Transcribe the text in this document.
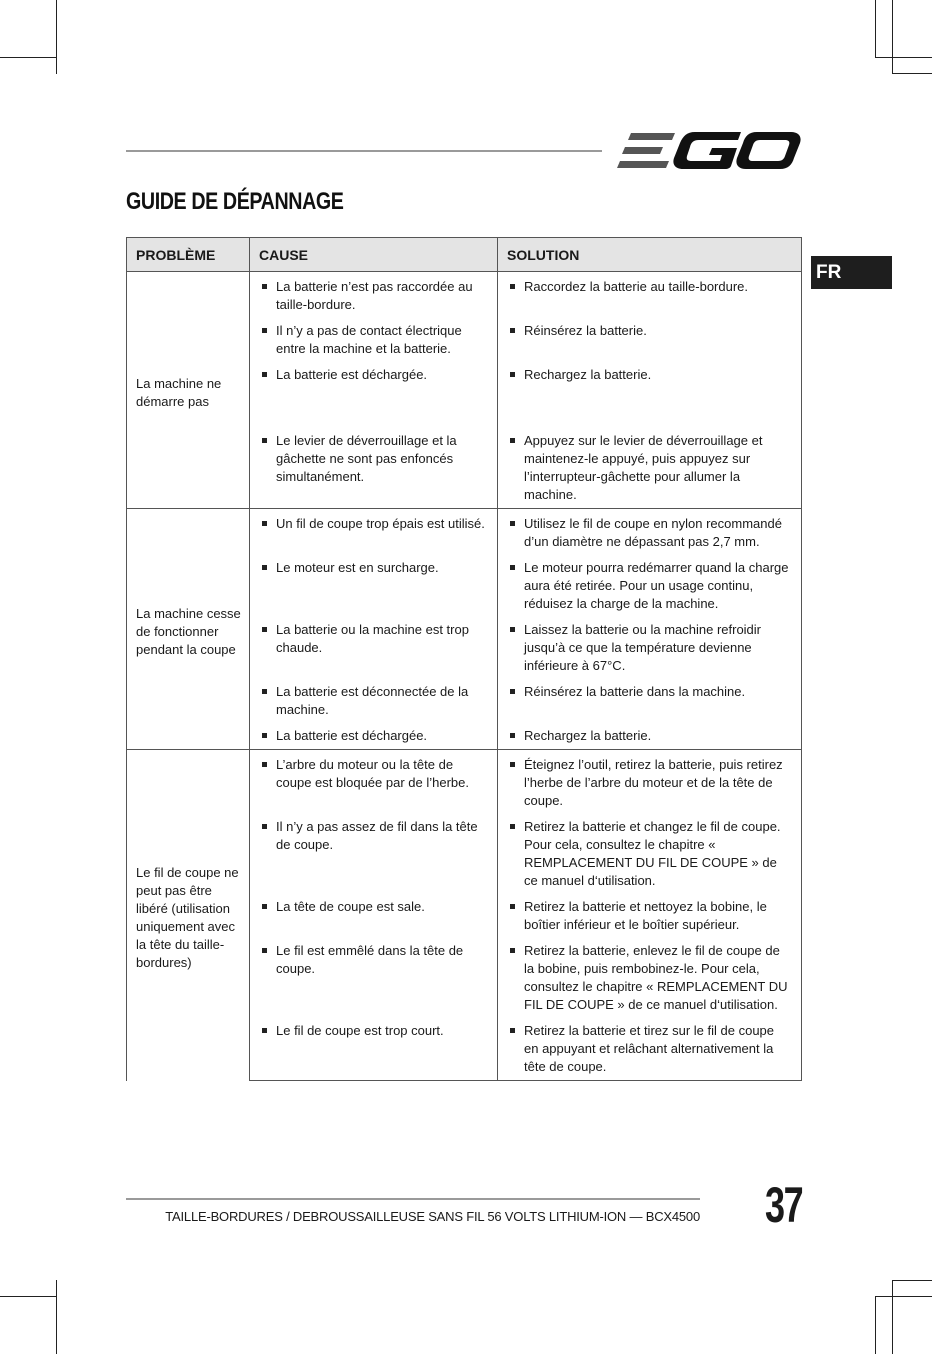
GUIDE DE DÉPANNAGE
FR
PROBLÈME	CAUSE	SOLUTION
La machine ne démarre pas	La batterie n’est pas raccordée au taille-bordure.	Raccordez la batterie au taille-bordure.

	Il n’y a pas de contact électrique entre la machine et la batterie.	Réinsérez la batterie.

	La batterie est déchargée.	Rechargez la batterie.

	Le levier de déverrouillage et la gâchette ne sont pas enfoncés simultanément.	Appuyez sur le levier de déverrouillage et maintenez-le appuyé, puis appuyez sur l’interrupteur-gâchette pour allumer la machine.

La machine cesse de fonctionner pendant la coupe	Un fil de coupe trop épais est utilisé.	Utilisez le fil de coupe en nylon recommandé d’un diamètre ne dépassant pas 2,7 mm.

	Le moteur est en surcharge.	Le moteur pourra redémarrer quand la charge aura été retirée. Pour un usage continu, réduisez la charge de la machine.

	La batterie ou la machine est trop chaude.	Laissez la batterie ou la machine refroidir jusqu’à ce que la température devienne inférieure à 67°C.

	La batterie est déconnectée de la machine.	Réinsérez la batterie dans la machine.

	La batterie est déchargée.	Rechargez la batterie.

Le fil de coupe ne peut pas être libéré (utilisation uniquement avec la tête du taille-bordures)	L’arbre du moteur ou la tête de coupe est bloquée par de l’herbe.	Éteignez l’outil, retirez la batterie, puis retirez l’herbe de l’arbre du moteur et de la tête de coupe.

	Il n’y a pas assez de fil dans la tête de coupe.	Retirez la batterie et changez le fil de coupe. Pour cela, consultez le chapitre « REMPLACEMENT DU FIL DE COUPE » de ce manuel d‘utilisation.

	La tête de coupe est sale.	Retirez la batterie et nettoyez la bobine, le boîtier inférieur et le boîtier supérieur.

	Le fil est emmêlé dans la tête de coupe.	Retirez la batterie, enlevez le fil de coupe de la bobine, puis rembobinez-le. Pour cela, consultez le chapitre « REMPLACEMENT DU FIL DE COUPE » de ce manuel d‘utilisation.

	Le fil de coupe est trop court.	Retirez la batterie et tirez sur le fil de coupe en appuyant et relâchant alternativement la tête de coupe.
TAILLE-BORDURES / DEBROUSSAILLEUSE SANS FIL 56 VOLTS LITHIUM-ION — BCX4500 37
